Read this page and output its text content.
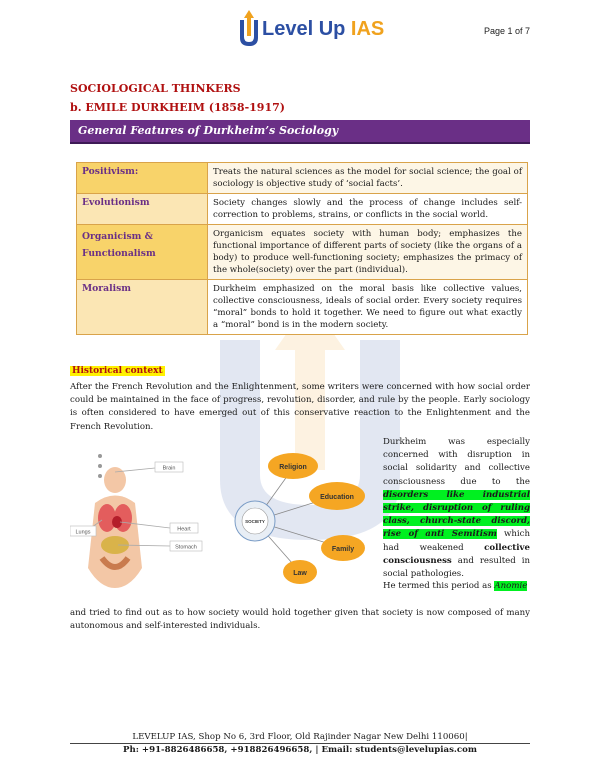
Level Up IAS	Page 1 of 7
SOCIOLOGICAL THINKERS
b. EMILE DURKHEIM (1858-1917)
General Features of Durkheim’s Sociology
Positivism:	Treats the natural sciences as the model for social science; the goal of sociology is objective study of ‘social facts’.
Evolutionism	Society changes slowly and the process of change includes self-correction to problems, strains, or conflicts in the social world.
Organicism & Functionalism	Organicism equates society with human body; emphasizes the functional importance of different parts of society (like the organs of a body) to produce well-functioning society; emphasizes the primacy of the whole(society) over the part (individual).
Moralism	Durkheim emphasized on the moral basis like collective values, collective consciousness, ideals of social order. Every society requires “moral” bonds to hold it together. We need to figure out what exactly a “moral” bond is in the modern society.
Historical context
After the French Revolution and the Enlightenment, some writers were concerned with how social order could be maintained in the face of progress, revolution, disorder, and rule by the people. Early sociology is often considered to have emerged out of this conservative reaction to the Enlightenment and the French Revolution.
Brain
Lungs	Heart
Stomach
SOCIETY
Religion
Education
Family
Law
Durkheim was especially concerned with disruption in social solidarity and collective consciousness due to the disorders like industrial strike, disruption of ruling class, church-state discord, rise of anti Semitism which had weakened collective consciousness and resulted in social pathologies.
He termed this period as Anomie
and tried to find out as to how society would hold together given that society is now composed of many autonomous and self-interested individuals.
LEVELUP IAS, Shop No 6, 3rd Floor, Old Rajinder Nagar New Delhi 110060|
Ph: +91-8826486658, +918826496658, | Email: students@levelupias.com
